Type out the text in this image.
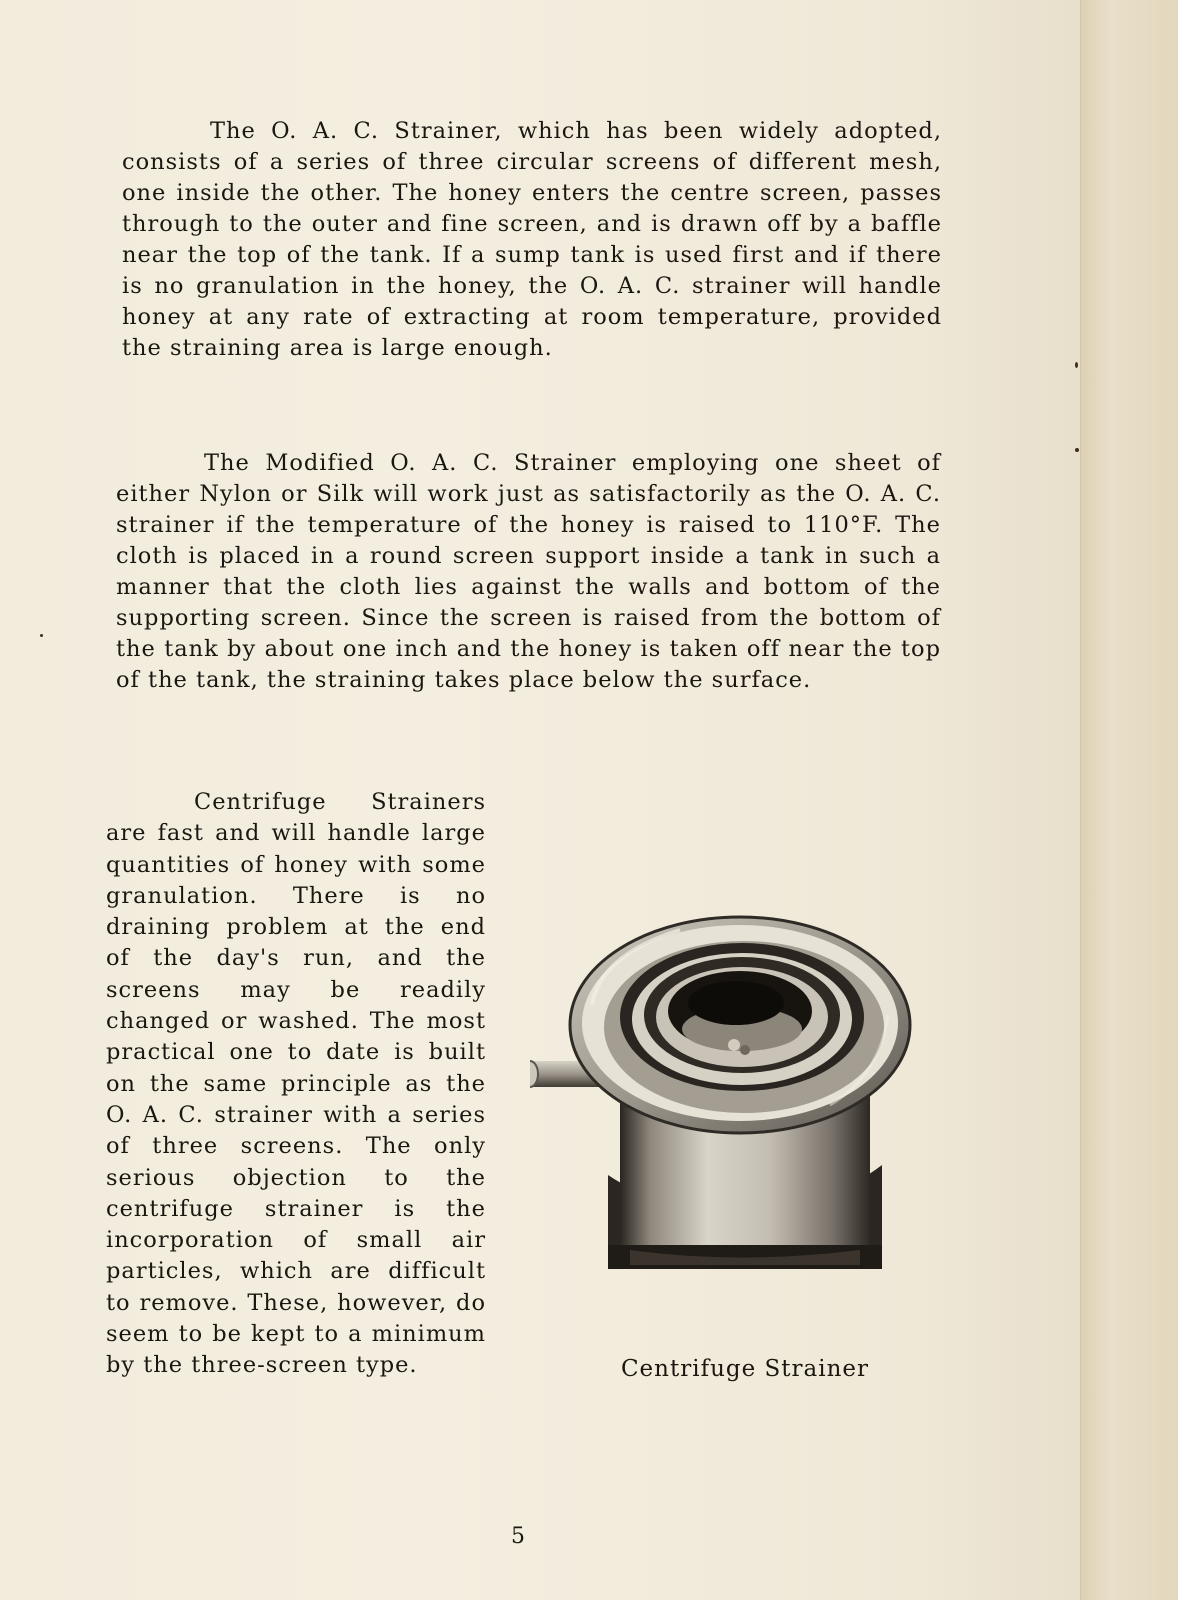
The O. A. C. Strainer, which has been widely adopted, consists of a series of three circular screens of different mesh, one inside the other. The honey enters the centre screen, passes through to the outer and fine screen, and is drawn off by a baffle near the top of the tank. If a sump tank is used first and if there is no granulation in the honey, the O. A. C. strainer will handle honey at any rate of extracting at room temperature, provided the straining area is large enough.

The Modified O. A. C. Strainer employing one sheet of either Nylon or Silk will work just as satisfactorily as the O. A. C. strainer if the temperature of the honey is raised to 110°F. The cloth is placed in a round screen support inside a tank in such a manner that the cloth lies against the walls and bottom of the supporting screen. Since the screen is raised from the bottom of the tank by about one inch and the honey is taken off near the top of the tank, the straining takes place below the surface.

Centrifuge Strainers are fast and will handle large quantities of honey with some granulation. There is no draining problem at the end of the day's run, and the screens may be readily changed or washed. The most practical one to date is built on the same principle as the O. A. C. strainer with a series of three screens. The only serious objection to the centrifuge strainer is the incorporation of small air particles, which are difficult to remove. These, however, do seem to be kept to a minimum by the three-screen type.	Centrifuge Strainer

5
